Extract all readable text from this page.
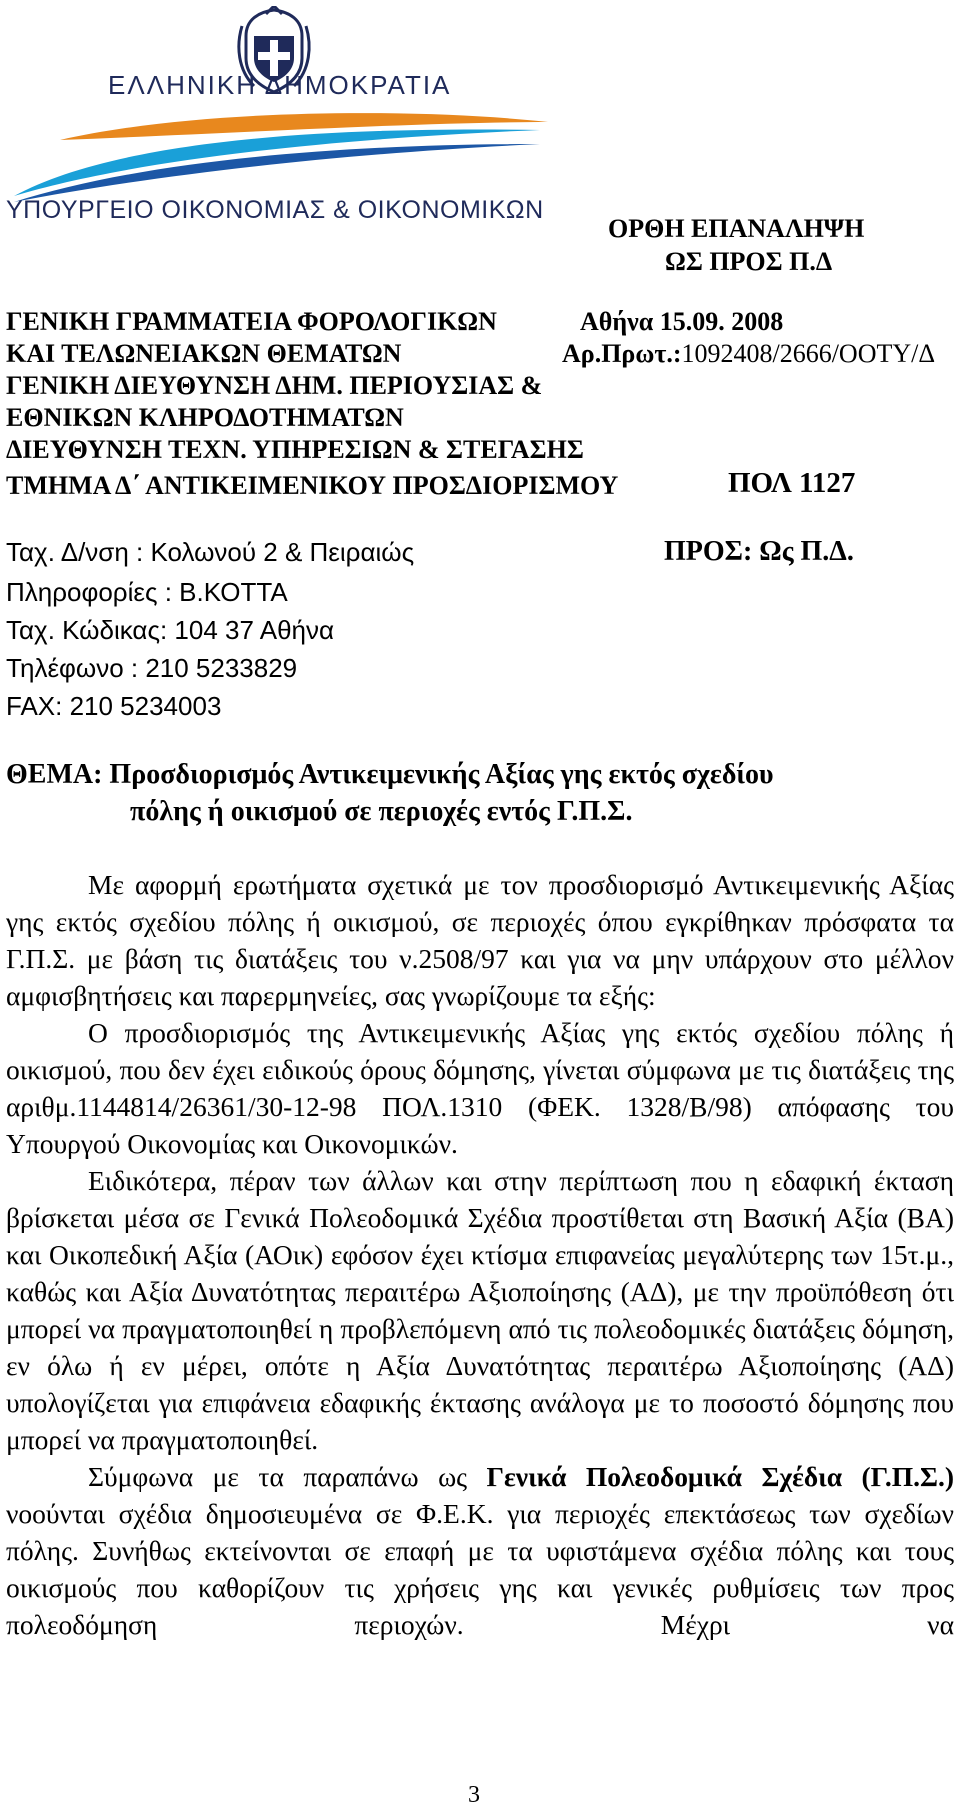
ΕΛΛΗΝΙΚΗ ΔΗΜΟΚΡΑΤΙΑ
ΥΠΟΥΡΓΕΙΟ ΟΙΚΟΝΟΜΙΑΣ & ΟΙΚΟΝΟΜΙΚΩΝ
ΟΡΘΗ ΕΠΑΝΑΛΗΨΗ
ΩΣ ΠΡΟΣ Π.Δ
ΓΕΝΙΚΗ ΓΡΑΜΜΑΤΕΙΑ ΦΟΡΟΛΟΓΙΚΩΝ
ΚΑΙ ΤΕΛΩΝΕΙΑΚΩΝ ΘΕΜΑΤΩΝ
ΓΕΝΙΚΗ ΔΙΕΥΘΥΝΣΗ ΔΗΜ. ΠΕΡΙΟΥΣΙΑΣ &
ΕΘΝΙΚΩΝ ΚΛΗΡΟΔΟΤΗΜΑΤΩΝ
ΔΙΕΥΘΥΝΣΗ ΤΕΧΝ. ΥΠΗΡΕΣΙΩΝ & ΣΤΕΓΑΣΗΣ
ΤΜΗΜΑ Δ΄ ΑΝΤΙΚΕΙΜΕΝΙΚΟΥ ΠΡΟΣΔΙΟΡΙΣΜΟΥ
Αθήνα 15.09. 2008
Αρ.Πρωτ.:1092408/2666/ΟΟΤΥ/Δ
ΠΟΛ 1127
Ταχ. Δ/νση : Κολωνού 2 & Πειραιώς
Πληροφορίες : Β.ΚΟΤΤΑ
Ταχ. Κώδικας: 104 37 Αθήνα
Τηλέφωνο : 210 5233829
FAX: 210 5234003
ΠΡΟΣ: Ως Π.Δ.
ΘΕΜΑ: Προσδιορισμός Αντικειμενικής Αξίας γης εκτός σχεδίου
πόλης ή οικισμού σε περιοχές εντός Γ.Π.Σ.

Με αφορμή ερωτήματα σχετικά με τον προσδιορισμό Αντικειμενικής Αξίας γης εκτός σχεδίου πόλης ή οικισμού, σε περιοχές όπου εγκρίθηκαν πρόσφατα τα Γ.Π.Σ. με βάση τις διατάξεις του ν.2508/97 και για να μην υπάρχουν στο μέλλον αμφισβητήσεις και παρερμηνείες, σας γνωρίζουμε τα εξής:

Ο προσδιορισμός της Αντικειμενικής Αξίας γης εκτός σχεδίου πόλης ή οικισμού, που δεν έχει ειδικούς όρους δόμησης, γίνεται σύμφωνα με τις διατάξεις της αριθμ.1144814/26361/30-12-98 ΠΟΛ.1310 (ΦΕΚ. 1328/Β/98) απόφασης του Υπουργού Οικονομίας και Οικονομικών.

Ειδικότερα, πέραν των άλλων και στην περίπτωση που η εδαφική έκταση βρίσκεται μέσα σε Γενικά Πολεοδομικά Σχέδια προστίθεται στη Βασική Αξία (ΒΑ) και Οικοπεδική Αξία (ΑΟικ) εφόσον έχει κτίσμα επιφανείας μεγαλύτερης των 15τ.μ., καθώς και Αξία Δυνατότητας περαιτέρω Αξιοποίησης (ΑΔ), με την προϋπόθεση ότι μπορεί να πραγματοποιηθεί η προβλεπόμενη από τις πολεοδομικές διατάξεις δόμηση, εν όλω ή εν μέρει, οπότε η Αξία Δυνατότητας περαιτέρω Αξιοποίησης (ΑΔ) υπολογίζεται για επιφάνεια εδαφικής έκτασης ανάλογα με το ποσοστό δόμησης που μπορεί να πραγματοποιηθεί.

Σύμφωνα με τα παραπάνω ως Γενικά Πολεοδομικά Σχέδια (Γ.Π.Σ.) νοούνται σχέδια δημοσιευμένα σε Φ.Ε.Κ. για περιοχές επεκτάσεως των σχεδίων πόλης. Συνήθως εκτείνονται σε επαφή με τα υφιστάμενα σχέδια πόλης και τους οικισμούς που καθορίζουν τις χρήσεις γης και γενικές ρυθμίσεις των προς πολεοδόμηση περιοχών. Μέχρι να

3
